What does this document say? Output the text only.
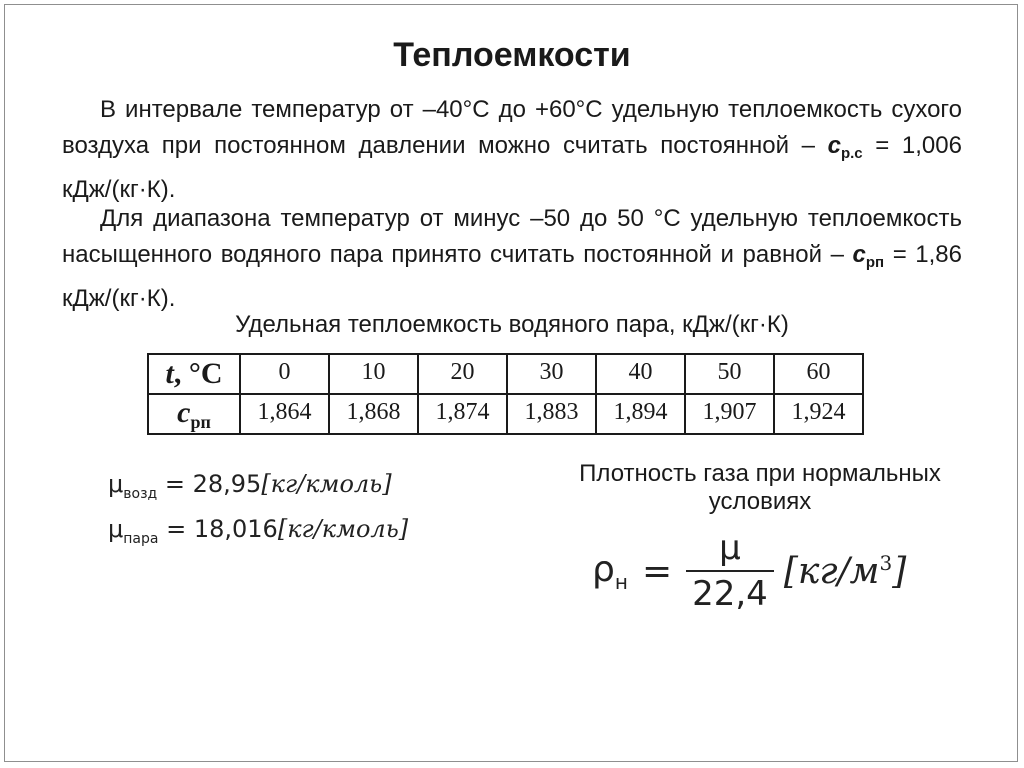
Теплоемкости
В интервале температур от –40°С до +60°С удельную теплоемкость сухого воздуха при постоянном давлении можно считать постоянной – $c_{p.c} = 1,006$ кДж/(кг·К).
Для диапазона температур от минус –50 до 50 °С удельную теплоемкость насыщенного водяного пара принято считать постоянной и равной – $c_{рп} = 1,86$ кДж/(кг·К).
Удельная теплоемкость водяного пара, кДж/(кг·К)
t, °С	0	10	20	30	40	50	60
$c_{рп}$	1,864	1,868	1,874	1,883	1,894	1,907	1,924
$\mu_{возд}$ = 28,95[кг/кмоль]
$\mu_{пара}$ = 18,016[кг/кмоль]
Плотность газа при нормальных условиях
$\rho_н = \frac{\mu}{22,4} [кг/м^3]$
